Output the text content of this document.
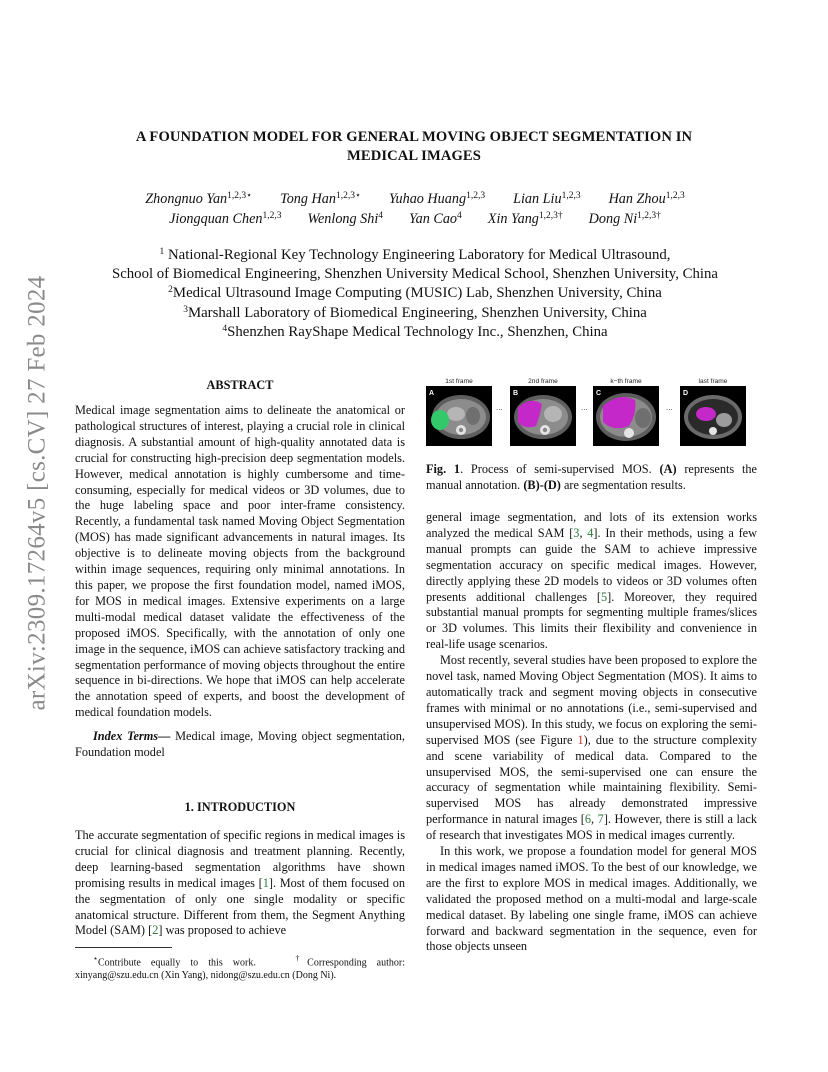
arXiv:2309.17264v5 [cs.CV] 27 Feb 2024
A FOUNDATION MODEL FOR GENERAL MOVING OBJECT SEGMENTATION IN
MEDICAL IMAGES
Zhongnuo Yan$^{1,2,3⋆}$ Tong Han$^{1,2,3⋆}$ Yuhao Huang$^{1,2,3}$ Lian Liu$^{1,2,3}$ Han Zhou$^{1,2,3}$
Jiongquan Chen$^{1,2,3}$ Wenlong Shi$^4$ Yan Cao$^4$ Xin Yang$^{1,2,3\dagger}$ Dong $Ni^{1,2,3\dagger}$
$^1$ National-Regional Key Technology Engineering Laboratory for Medical Ultrasound,
School of Biomedical Engineering, Shenzhen University Medical School, Shenzhen University, China
$^2$Medical Ultrasound Image Computing (MUSIC) Lab, Shenzhen University, China
$^3$Marshall Laboratory of Biomedical Engineering, Shenzhen University, China
$^4$Shenzhen RayShape Medical Technology Inc., Shenzhen, China
ABSTRACT
Medical image segmentation aims to delineate the anatomical or pathological structures of interest, playing a crucial role in clinical diagnosis. A substantial amount of high-quality annotated data is crucial for constructing high-precision deep segmentation models. However, medical annotation is highly cumbersome and time-consuming, especially for medical videos or 3D volumes, due to the huge labeling space and poor inter-frame consistency. Recently, a fundamental task named Moving Object Segmentation (MOS) has made significant advancements in natural images. Its objective is to delineate moving objects from the background within image sequences, requiring only minimal annotations. In this paper, we propose the first foundation model, named iMOS, for MOS in medical images. Extensive experiments on a large multi-modal medical dataset validate the effectiveness of the proposed iMOS. Specifically, with the annotation of only one image in the sequence, iMOS can achieve satisfactory tracking and segmentation performance of moving objects throughout the entire sequence in bi-directions. We hope that iMOS can help accelerate the annotation speed of experts, and boost the development of medical foundation models.
Index Terms— Medical image, Moving object segmentation, Foundation model
1. INTRODUCTION
The accurate segmentation of specific regions in medical images is crucial for clinical diagnosis and treatment planning. Recently, deep learning-based segmentation algorithms have shown promising results in medical images [1]. Most of them focused on the segmentation of only one single modality or specific anatomical structure. Different from them, the Segment Anything Model (SAM) [2] was proposed to achieve
⋆Contribute equally to this work.	†Corresponding author: xinyang@szu.edu.cn (Xin Yang), nidong@szu.edu.cn (Dong Ni).
1st frame
A
...
2nd frame
B
...
k−th frame
C
...
last frame
D
Fig. 1. Process of semi-supervised MOS. (A) represents the manual annotation. (B)-(D) are segmentation results.
general image segmentation, and lots of its extension works analyzed the medical SAM [3, 4]. In their methods, using a few manual prompts can guide the SAM to achieve impressive segmentation accuracy on specific medical images. However, directly applying these 2D models to videos or 3D volumes often presents additional challenges [5]. Moreover, they required substantial manual prompts for segmenting multiple frames/slices or 3D volumes. This limits their flexibility and convenience in real-life usage scenarios.
Most recently, several studies have been proposed to explore the novel task, named Moving Object Segmentation (MOS). It aims to automatically track and segment moving objects in consecutive frames with minimal or no annotations (i.e., semi-supervised and unsupervised MOS). In this study, we focus on exploring the semi-supervised MOS (see Figure 1), due to the structure complexity and scene variability of medical data. Compared to the unsupervised MOS, the semi-supervised one can ensure the accuracy of segmentation while maintaining flexibility. Semi-supervised MOS has already demonstrated impressive performance in natural images [6, 7]. However, there is still a lack of research that investigates MOS in medical images currently.
In this work, we propose a foundation model for general MOS in medical images named iMOS. To the best of our knowledge, we are the first to explore MOS in medical images. Additionally, we validated the proposed method on a multi-modal and large-scale medical dataset. By labeling one single frame, iMOS can achieve forward and backward segmentation in the sequence, even for those objects unseen
